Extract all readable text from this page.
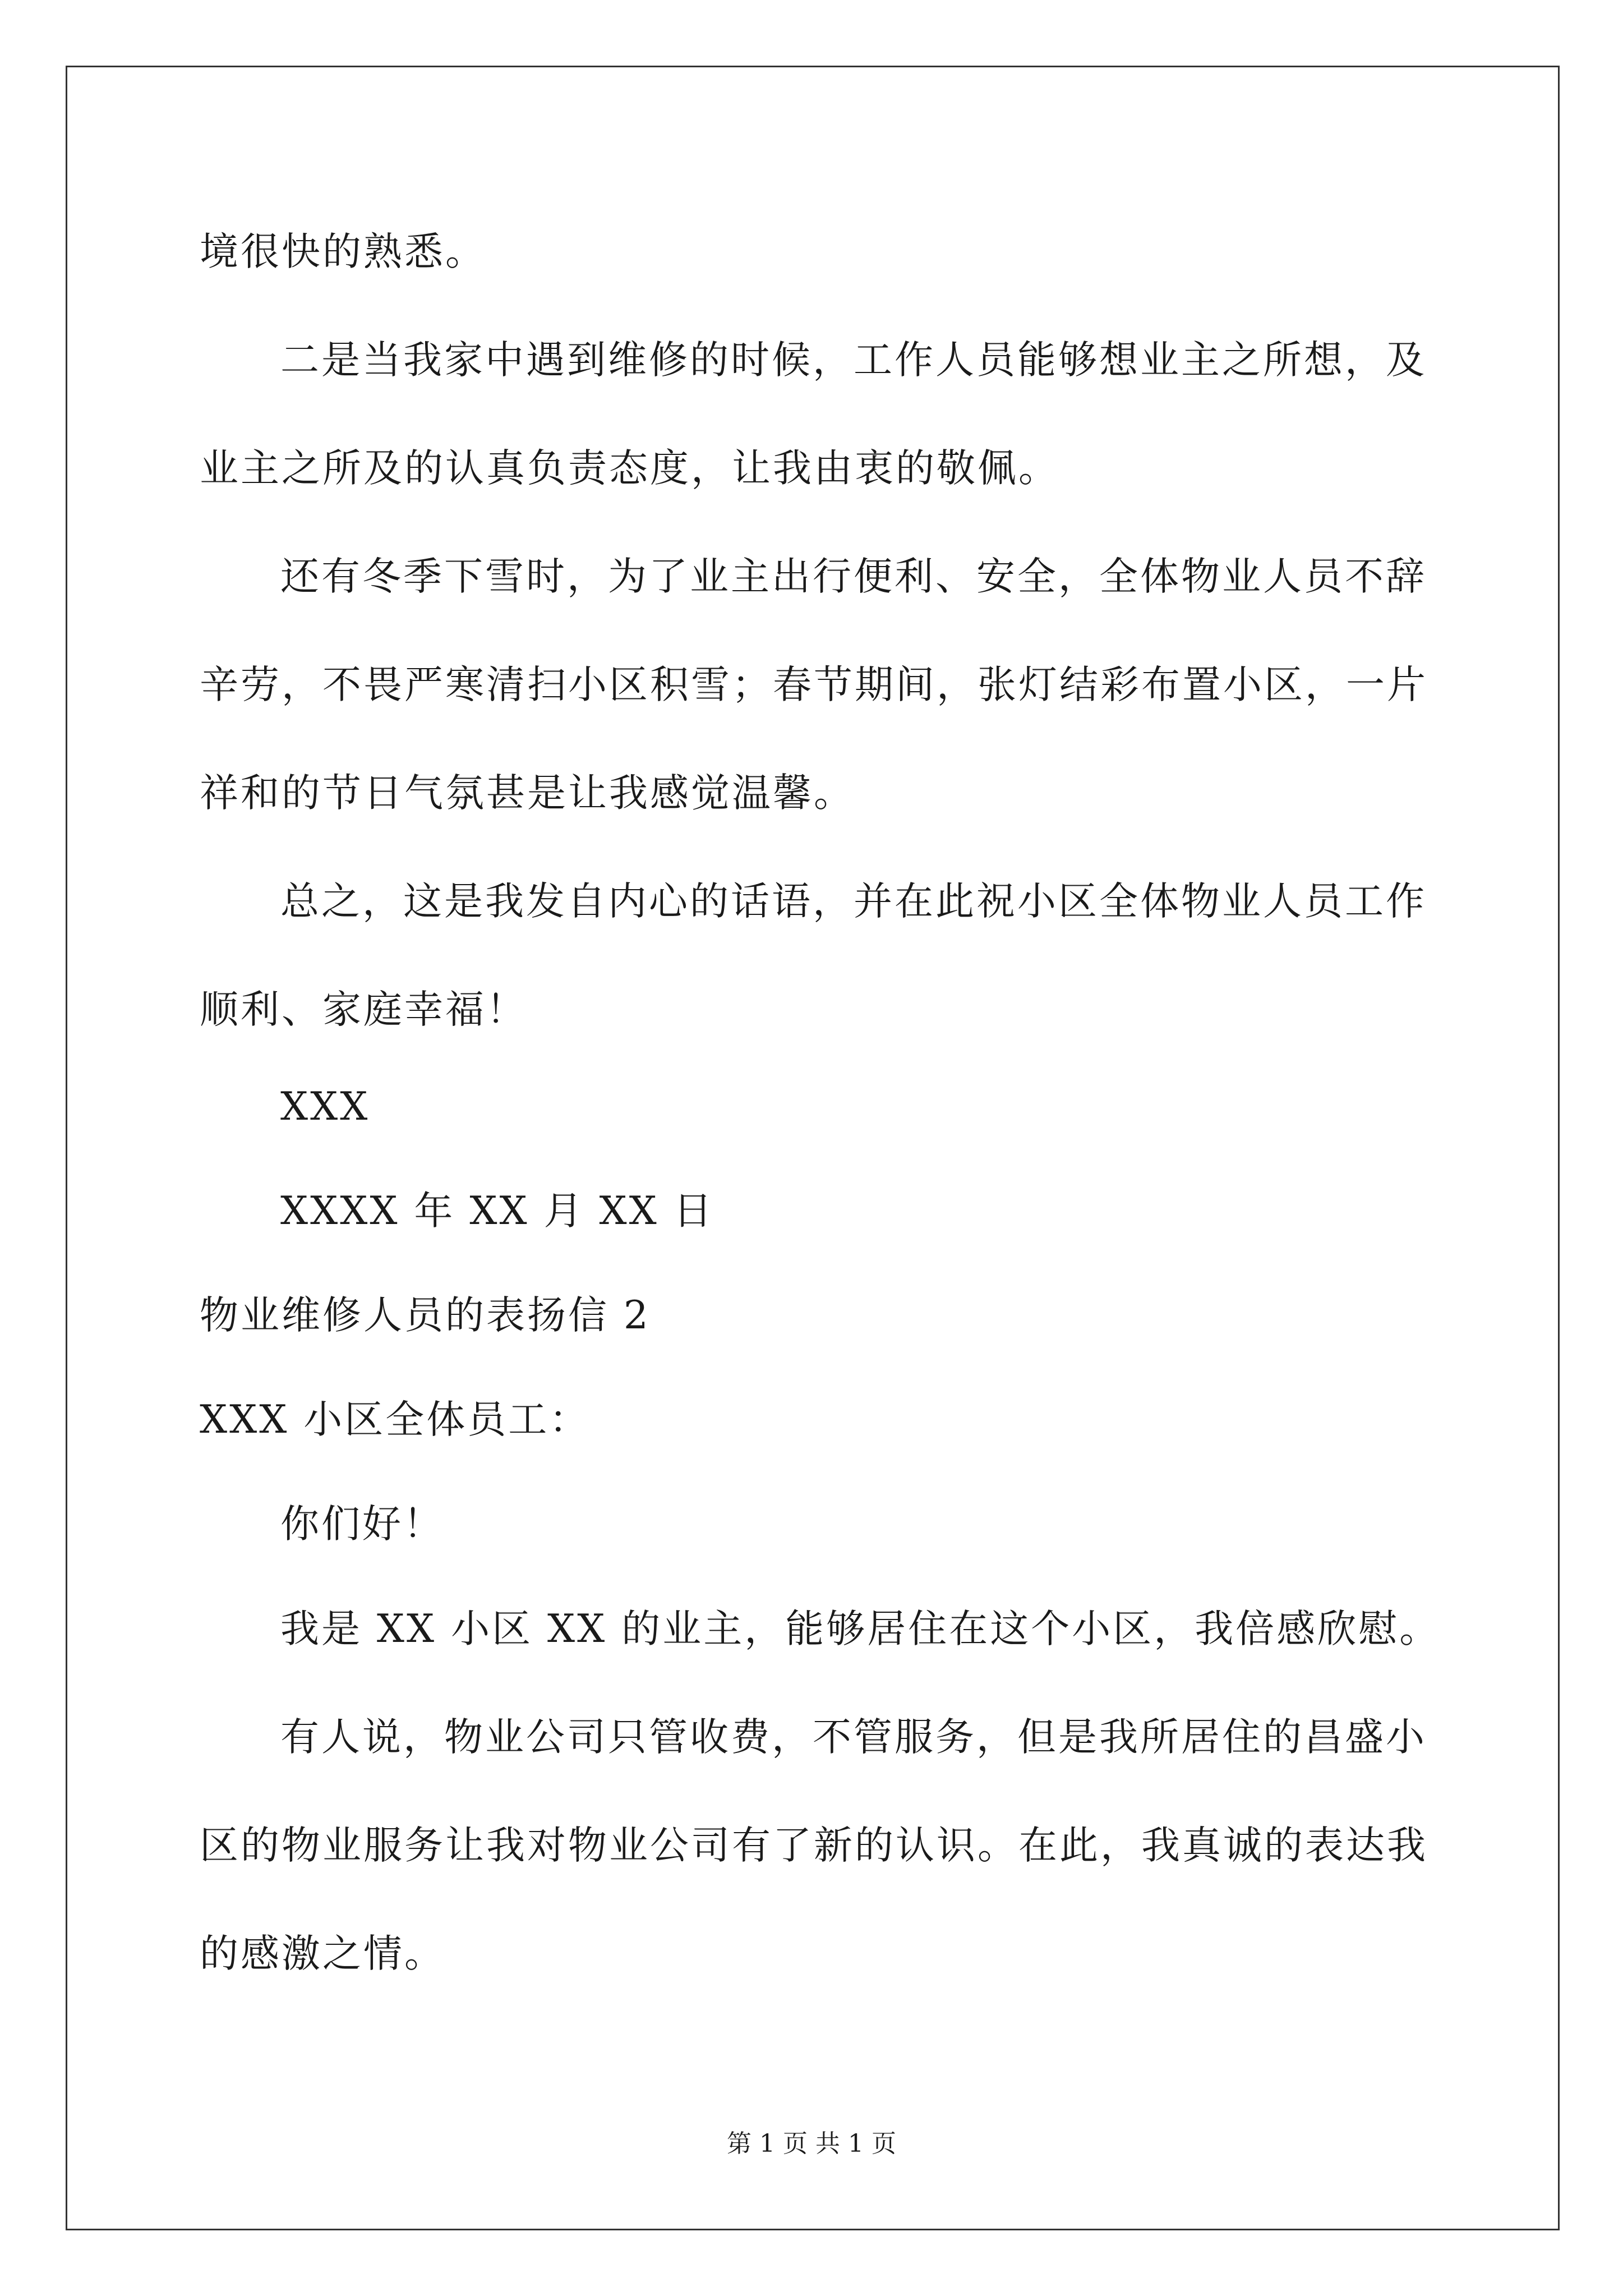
境很快的熟悉。

二是当我家中遇到维修的时候，工作人员能够想业主之所想，及

业主之所及的认真负责态度，让我由衷的敬佩。

还有冬季下雪时，为了业主出行便利、安全，全体物业人员不辞

辛劳，不畏严寒清扫小区积雪；春节期间，张灯结彩布置小区，一片

祥和的节日气氛甚是让我感觉温馨。

总之，这是我发自内心的话语，并在此祝小区全体物业人员工作

顺利、家庭幸福！

XXX

XXXX 年 XX 月 XX 日

物业维修人员的表扬信 2

XXX 小区全体员工：

你们好！

我是 XX 小区 XX 的业主，能够居住在这个小区，我倍感欣慰。

有人说，物业公司只管收费，不管服务，但是我所居住的昌盛小

区的物业服务让我对物业公司有了新的认识。在此，我真诚的表达我

的感激之情。

第 1 页 共 1 页
